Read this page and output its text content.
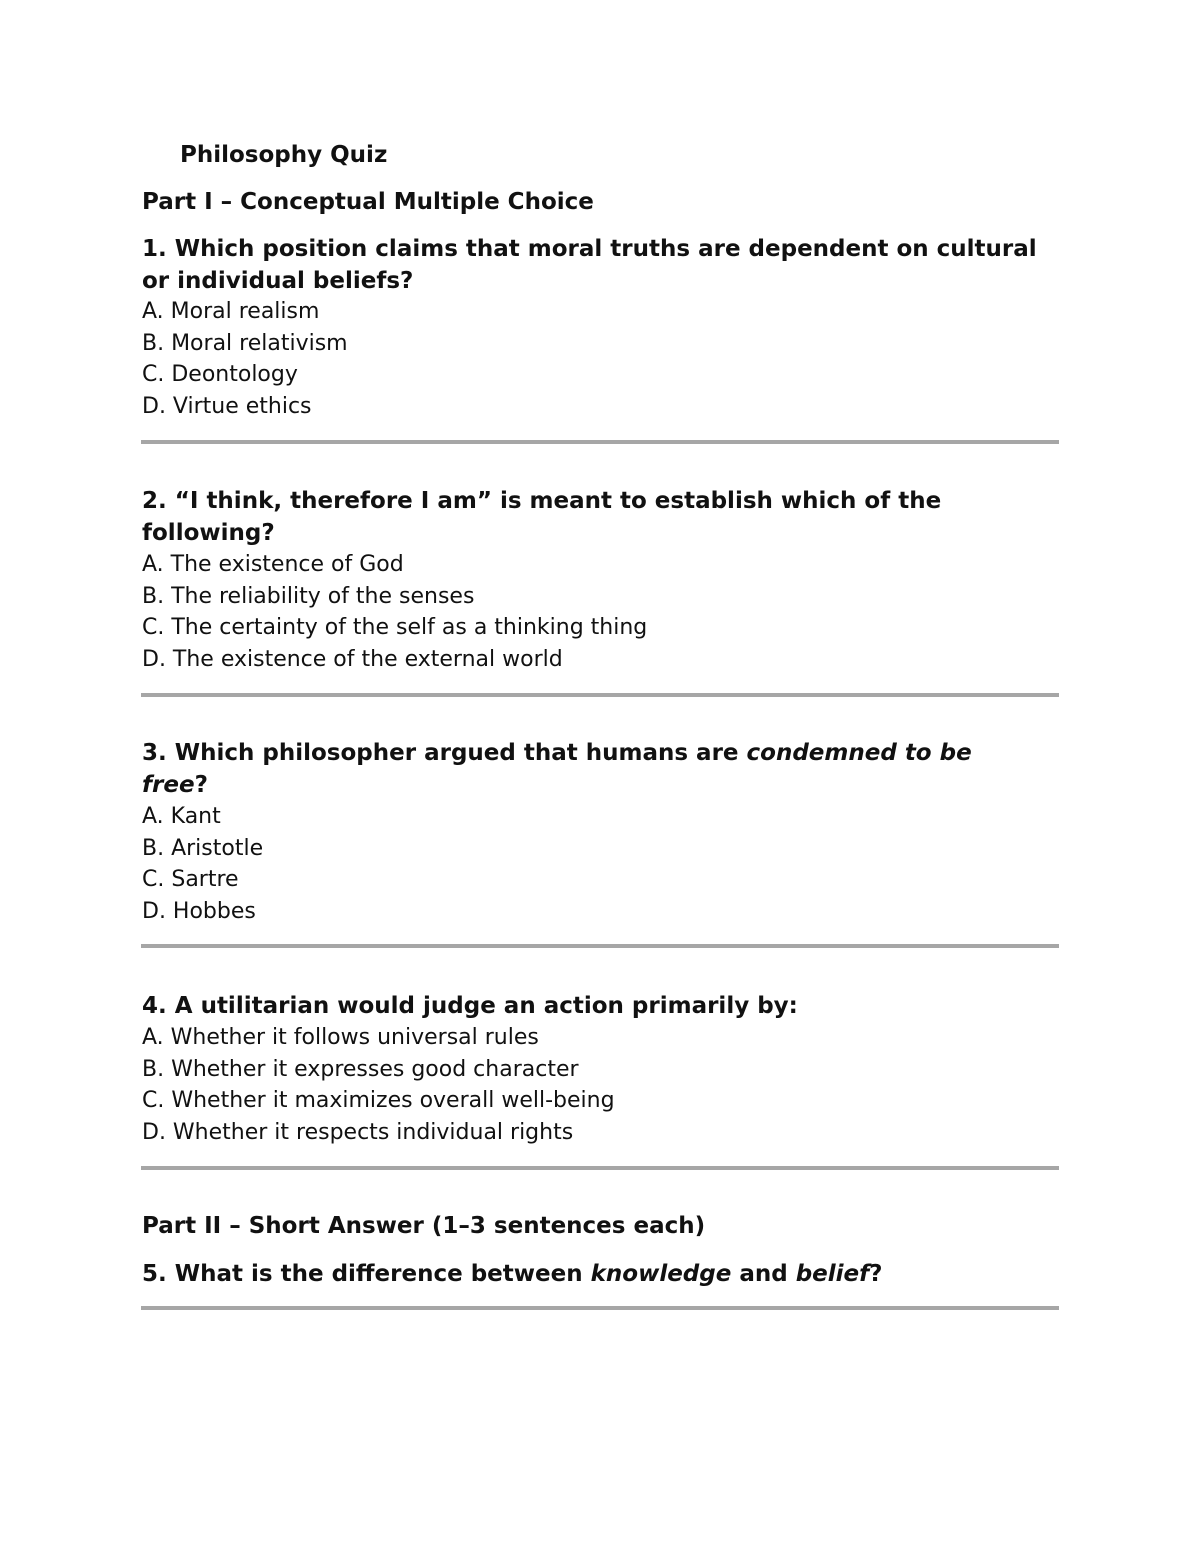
Philosophy Quiz
Part I – Conceptual Multiple Choice

1. Which position claims that moral truths are dependent on cultural
or individual beliefs?

A. Moral realism
B. Moral relativism
C. Deontology
D. Virtue ethics

2. “I think, therefore I am” is meant to establish which of the
following?

A. The existence of God
B. The reliability of the senses
C. The certainty of the self as a thinking thing
D. The existence of the external world

3. Which philosopher argued that humans are condemned to be
free?

A. Kant
B. Aristotle
C. Sartre
D. Hobbes

4. A utilitarian would judge an action primarily by:

A. Whether it follows universal rules
B. Whether it expresses good character
C. Whether it maximizes overall well-being
D. Whether it respects individual rights
Part II – Short Answer (1–3 sentences each)

5. What is the difference between knowledge and belief?
